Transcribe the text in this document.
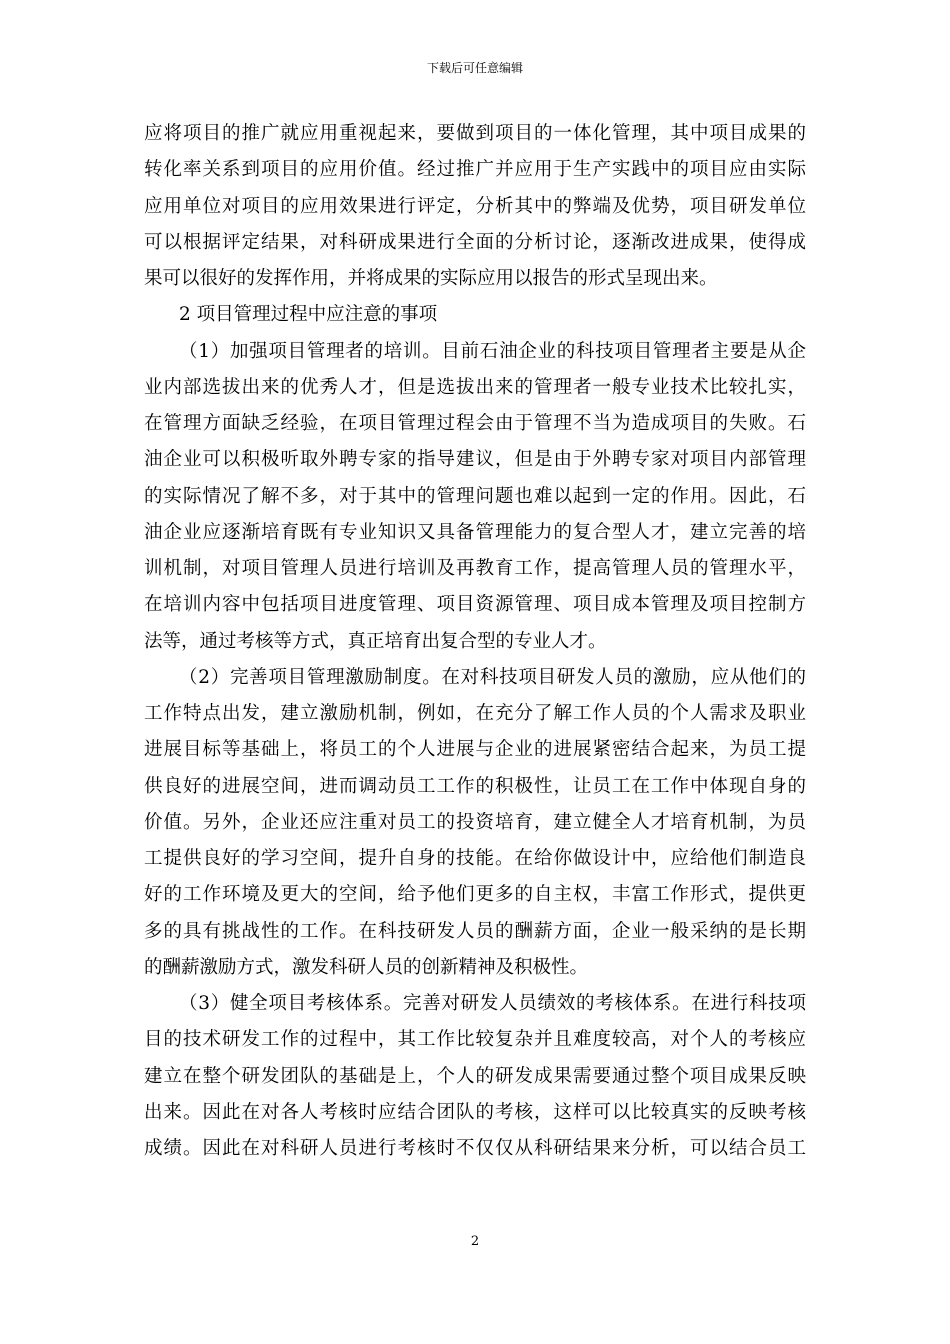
下载后可任意编辑
应将项目的推广就应用重视起来，要做到项目的一体化管理，其中项目成果的
转化率关系到项目的应用价值。经过推广并应用于生产实践中的项目应由实际
应用单位对项目的应用效果进行评定，分析其中的弊端及优势，项目研发单位
可以根据评定结果，对科研成果进行全面的分析讨论，逐渐改进成果，使得成
果可以很好的发挥作用，并将成果的实际应用以报告的形式呈现出来。
2 项目管理过程中应注意的事项
（1）加强项目管理者的培训。目前石油企业的科技项目管理者主要是从企
业内部选拔出来的优秀人才，但是选拔出来的管理者一般专业技术比较扎实，
在管理方面缺乏经验，在项目管理过程会由于管理不当为造成项目的失败。石
油企业可以积极听取外聘专家的指导建议，但是由于外聘专家对项目内部管理
的实际情况了解不多，对于其中的管理问题也难以起到一定的作用。因此，石
油企业应逐渐培育既有专业知识又具备管理能力的复合型人才，建立完善的培
训机制，对项目管理人员进行培训及再教育工作，提高管理人员的管理水平，
在培训内容中包括项目进度管理、项目资源管理、项目成本管理及项目控制方
法等，通过考核等方式，真正培育出复合型的专业人才。
（2）完善项目管理激励制度。在对科技项目研发人员的激励，应从他们的
工作特点出发，建立激励机制，例如，在充分了解工作人员的个人需求及职业
进展目标等基础上，将员工的个人进展与企业的进展紧密结合起来，为员工提
供良好的进展空间，进而调动员工工作的积极性，让员工在工作中体现自身的
价值。另外，企业还应注重对员工的投资培育，建立健全人才培育机制，为员
工提供良好的学习空间，提升自身的技能。在给你做设计中，应给他们制造良
好的工作环境及更大的空间，给予他们更多的自主权，丰富工作形式，提供更
多的具有挑战性的工作。在科技研发人员的酬薪方面，企业一般采纳的是长期
的酬薪激励方式，激发科研人员的创新精神及积极性。
（3）健全项目考核体系。完善对研发人员绩效的考核体系。在进行科技项
目的技术研发工作的过程中，其工作比较复杂并且难度较高，对个人的考核应
建立在整个研发团队的基础是上，个人的研发成果需要通过整个项目成果反映
出来。因此在对各人考核时应结合团队的考核，这样可以比较真实的反映考核
成绩。因此在对科研人员进行考核时不仅仅从科研结果来分析，可以结合员工
2
